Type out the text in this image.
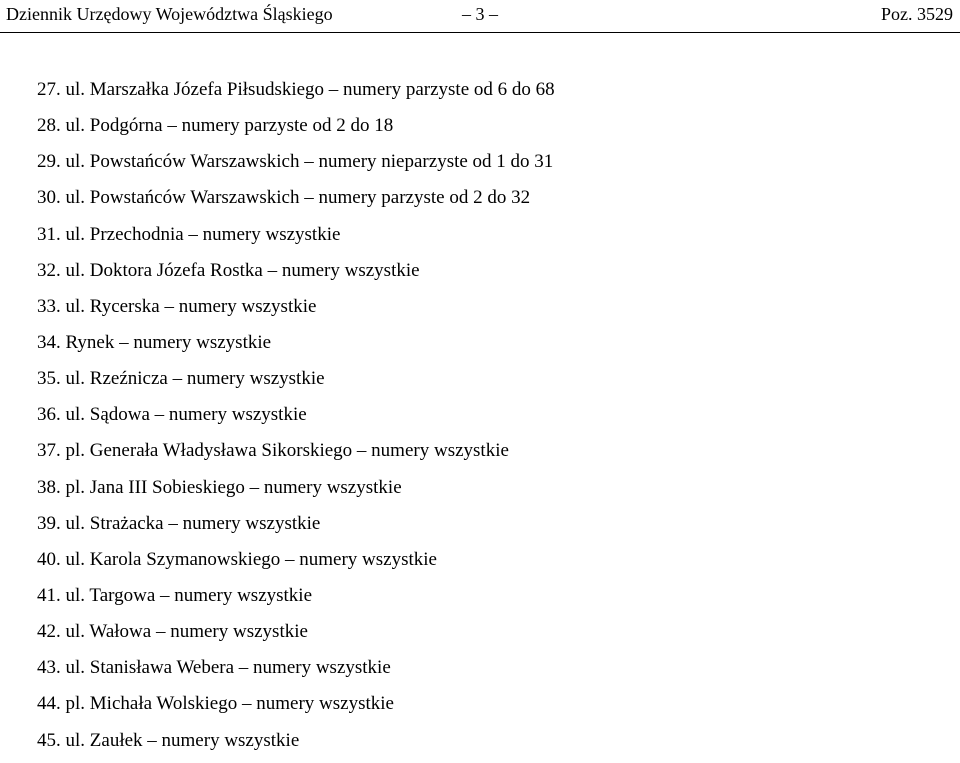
Dziennik Urzędowy Województwa Śląskiego	– 3 –	Poz. 3529
27. ul. Marszałka Józefa Piłsudskiego – numery parzyste od 6 do 68
28. ul. Podgórna – numery parzyste od 2 do 18
29. ul. Powstańców Warszawskich – numery nieparzyste od 1 do 31
30. ul. Powstańców Warszawskich – numery parzyste od 2 do 32
31. ul. Przechodnia – numery wszystkie
32. ul. Doktora Józefa Rostka – numery wszystkie
33. ul. Rycerska – numery wszystkie
34. Rynek – numery wszystkie
35. ul. Rzeźnicza – numery wszystkie
36. ul. Sądowa – numery wszystkie
37. pl. Generała Władysława Sikorskiego – numery wszystkie
38. pl. Jana III Sobieskiego – numery wszystkie
39. ul. Strażacka – numery wszystkie
40. ul. Karola Szymanowskiego – numery wszystkie
41. ul. Targowa – numery wszystkie
42. ul. Wałowa – numery wszystkie
43. ul. Stanisława Webera – numery wszystkie
44. pl. Michała Wolskiego – numery wszystkie
45. ul. Zaułek – numery wszystkie
